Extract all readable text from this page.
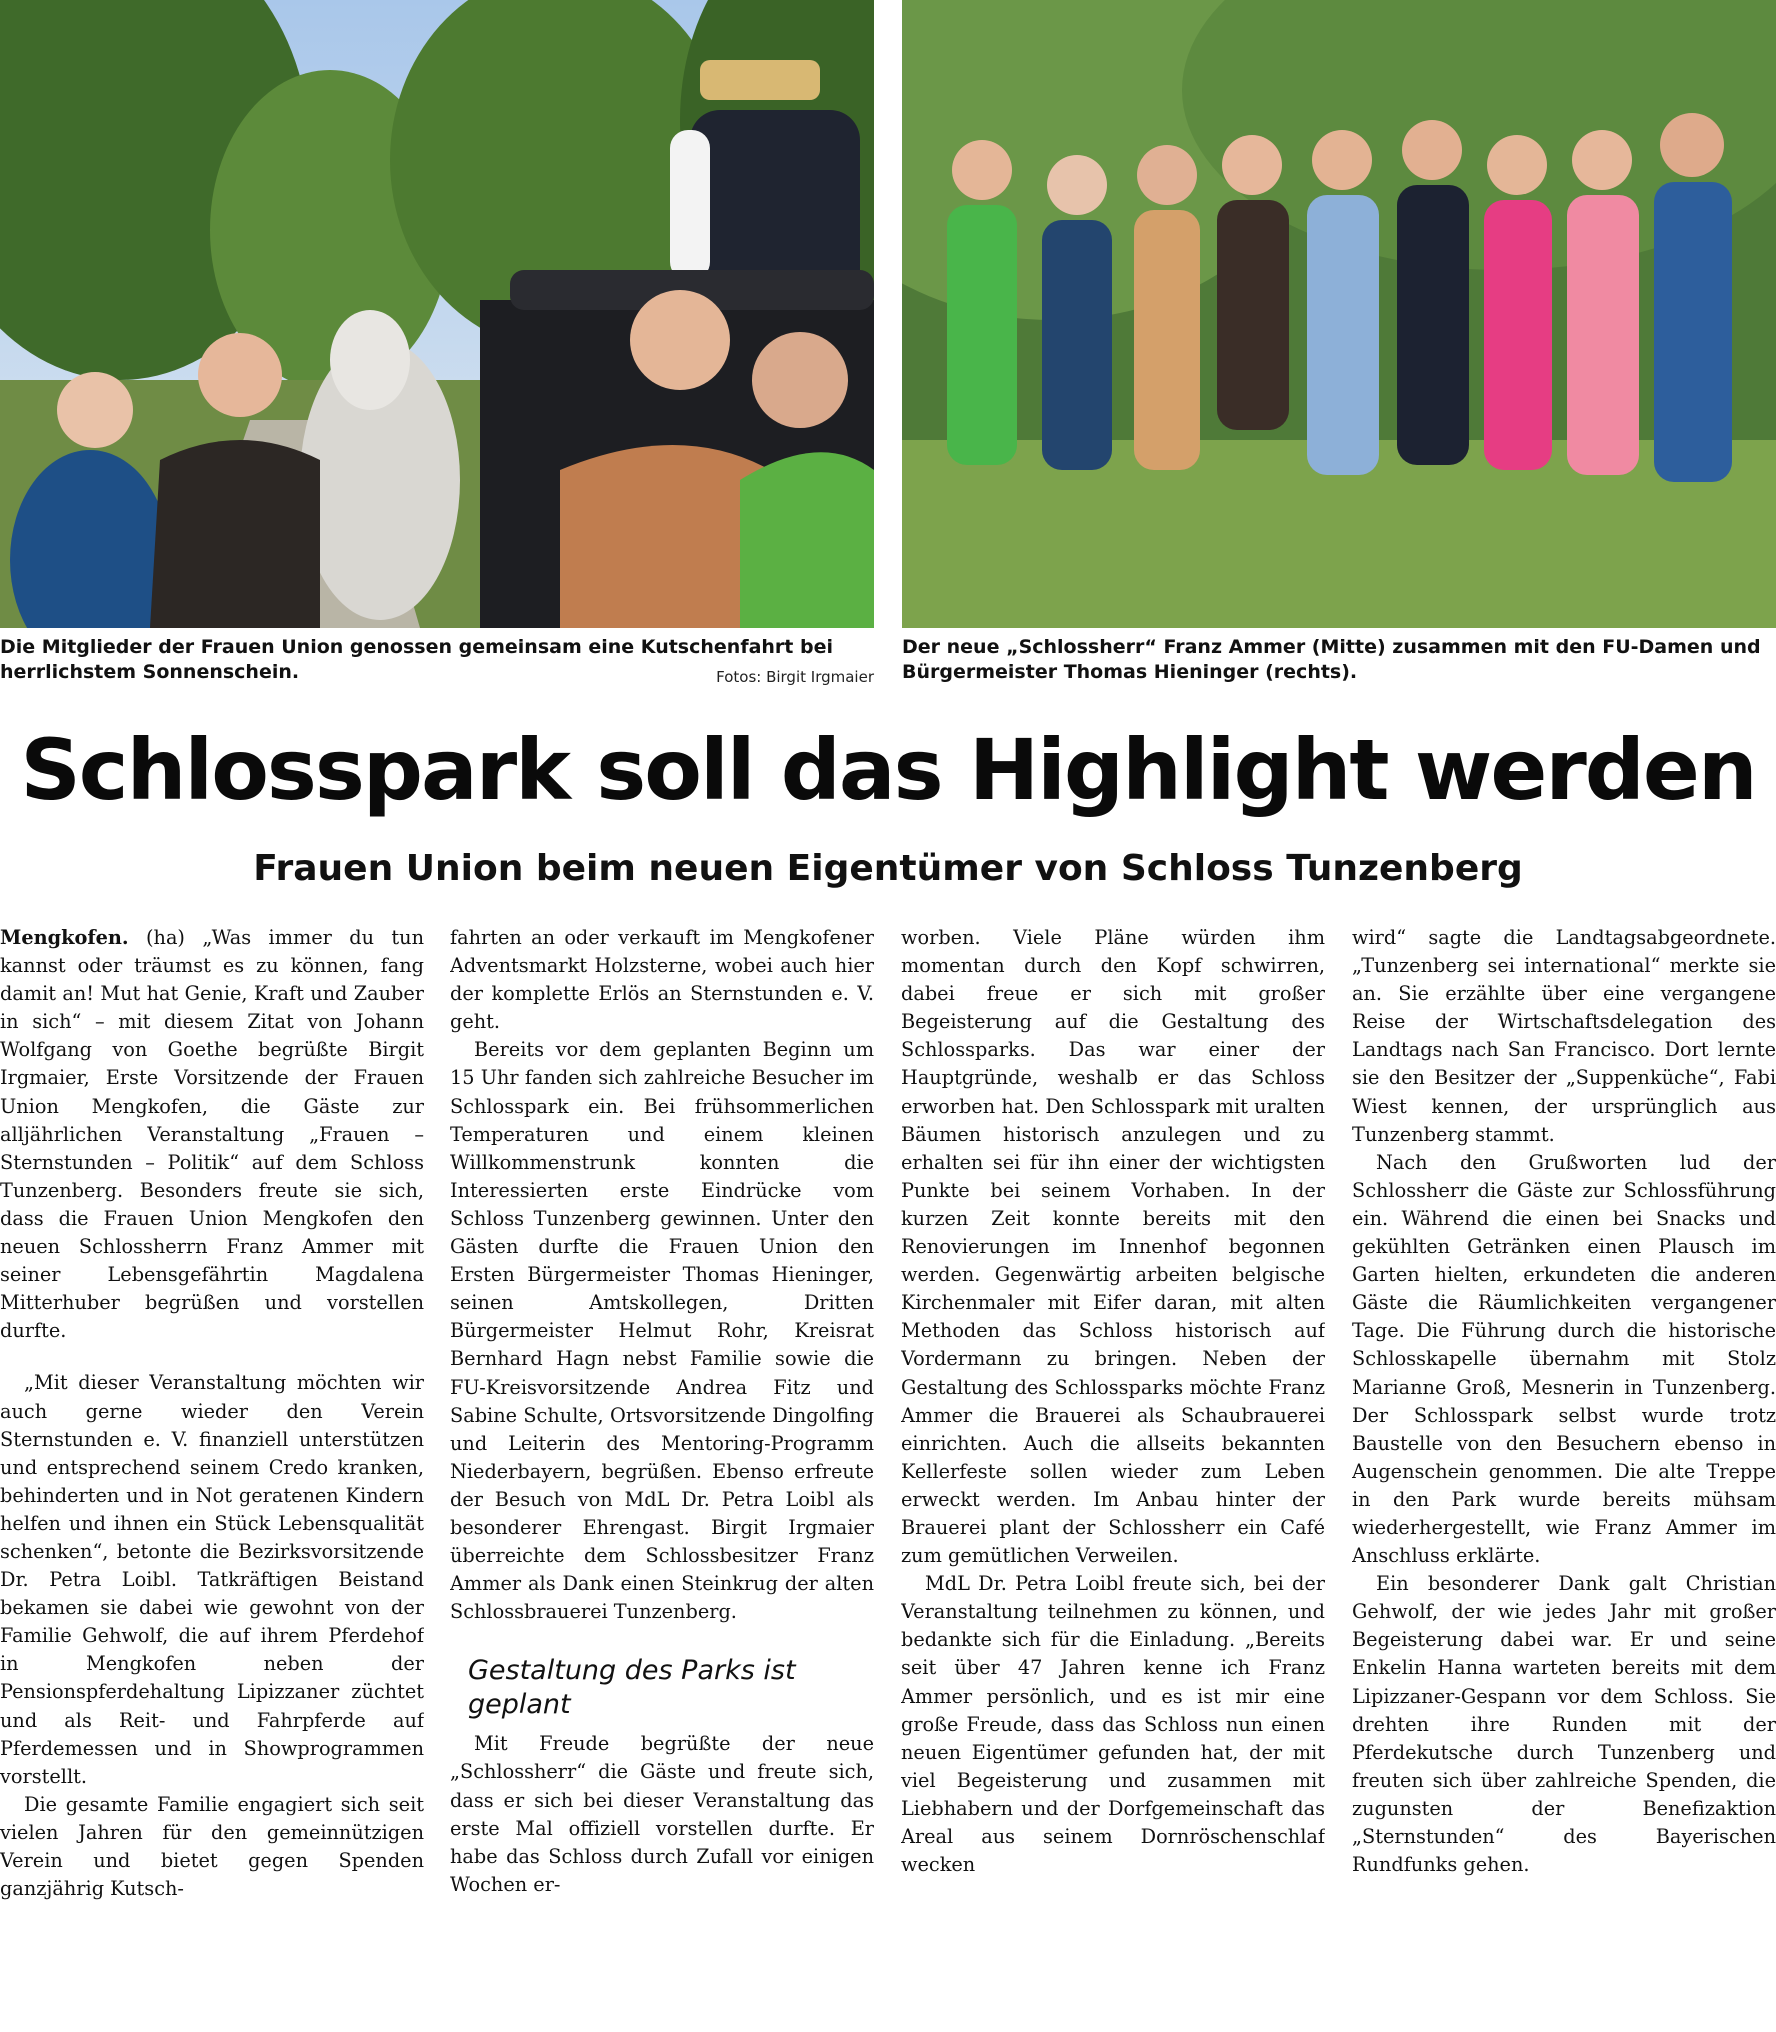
Die Mitglieder der Frauen Union genossen gemeinsam eine Kutschenfahrt bei herrlichstem Sonnenschein.	Fotos: Birgit Irgmaier
Der neue „Schlossherr“ Franz Ammer (Mitte) zusammen mit den FU-Damen und Bürgermeister Thomas Hieninger (rechts).
Schlosspark soll das Highlight werden
Frauen Union beim neuen Eigentümer von Schloss Tunzenberg

Mengkofen. (ha) „Was immer du tun kannst oder träumst es zu können, fang damit an! Mut hat Genie, Kraft und Zauber in sich“ – mit diesem Zitat von Johann Wolfgang von Goethe begrüßte Birgit Irgmaier, Erste Vorsitzende der Frauen Union Mengkofen, die Gäste zur alljährlichen Veranstaltung „Frauen – Sternstunden – Politik“ auf dem Schloss Tunzenberg. Besonders freute sie sich, dass die Frauen Union Mengkofen den neuen Schlossherrn Franz Ammer mit seiner Lebensgefährtin Magdalena Mitterhuber begrüßen und vorstellen durfte.

„Mit dieser Veranstaltung möchten wir auch gerne wieder den Verein Sternstunden e. V. finanziell unterstützen und entsprechend seinem Credo kranken, behinderten und in Not geratenen Kindern helfen und ihnen ein Stück Lebensqualität schenken“, betonte die Bezirksvorsitzende Dr. Petra Loibl. Tatkräftigen Beistand bekamen sie dabei wie gewohnt von der Familie Gehwolf, die auf ihrem Pferdehof in Mengkofen neben der Pensionspferdehaltung Lipizzaner züchtet und als Reit- und Fahrpferde auf Pferdemessen und in Showprogrammen vorstellt.

Die gesamte Familie engagiert sich seit vielen Jahren für den gemeinnützigen Verein und bietet gegen Spenden ganzjährig Kutsch-

fahrten an oder verkauft im Mengkofener Adventsmarkt Holzsterne, wobei auch hier der komplette Erlös an Sternstunden e. V. geht.

Bereits vor dem geplanten Beginn um 15 Uhr fanden sich zahlreiche Besucher im Schlosspark ein. Bei frühsommerlichen Temperaturen und einem kleinen Willkommenstrunk konnten die Interessierten erste Eindrücke vom Schloss Tunzenberg gewinnen. Unter den Gästen durfte die Frauen Union den Ersten Bürgermeister Thomas Hieninger, seinen Amtskollegen, Dritten Bürgermeister Helmut Rohr, Kreisrat Bernhard Hagn nebst Familie sowie die FU-Kreisvorsitzende Andrea Fitz und Sabine Schulte, Ortsvorsitzende Dingolfing und Leiterin des Mentoring-Programm Niederbayern, begrüßen. Ebenso erfreute der Besuch von MdL Dr. Petra Loibl als besonderer Ehrengast. Birgit Irgmaier überreichte dem Schlossbesitzer Franz Ammer als Dank einen Steinkrug der alten Schlossbrauerei Tunzenberg.

Gestaltung des Parks ist geplant

Mit Freude begrüßte der neue „Schlossherr“ die Gäste und freute sich, dass er sich bei dieser Veranstaltung das erste Mal offiziell vorstellen durfte. Er habe das Schloss durch Zufall vor einigen Wochen er-

worben. Viele Pläne würden ihm momentan durch den Kopf schwirren, dabei freue er sich mit großer Begeisterung auf die Gestaltung des Schlossparks. Das war einer der Hauptgründe, weshalb er das Schloss erworben hat. Den Schlosspark mit uralten Bäumen historisch anzulegen und zu erhalten sei für ihn einer der wichtigsten Punkte bei seinem Vorhaben. In der kurzen Zeit konnte bereits mit den Renovierungen im Innenhof begonnen werden. Gegenwärtig arbeiten belgische Kirchenmaler mit Eifer daran, mit alten Methoden das Schloss historisch auf Vordermann zu bringen. Neben der Gestaltung des Schlossparks möchte Franz Ammer die Brauerei als Schaubrauerei einrichten. Auch die allseits bekannten Kellerfeste sollen wieder zum Leben erweckt werden. Im Anbau hinter der Brauerei plant der Schlossherr ein Café zum gemütlichen Verweilen.

MdL Dr. Petra Loibl freute sich, bei der Veranstaltung teilnehmen zu können, und bedankte sich für die Einladung. „Bereits seit über 47 Jahren kenne ich Franz Ammer persönlich, und es ist mir eine große Freude, dass das Schloss nun einen neuen Eigentümer gefunden hat, der mit viel Begeisterung und zusammen mit Liebhabern und der Dorfgemeinschaft das Areal aus seinem Dornröschenschlaf wecken

wird“ sagte die Landtagsabgeordnete. „Tunzenberg sei international“ merkte sie an. Sie erzählte über eine vergangene Reise der Wirtschaftsdelegation des Landtags nach San Francisco. Dort lernte sie den Besitzer der „Suppenküche“, Fabi Wiest kennen, der ursprünglich aus Tunzenberg stammt.

Nach den Grußworten lud der Schlossherr die Gäste zur Schlossführung ein. Während die einen bei Snacks und gekühlten Getränken einen Plausch im Garten hielten, erkundeten die anderen Gäste die Räumlichkeiten vergangener Tage. Die Führung durch die historische Schlosskapelle übernahm mit Stolz Marianne Groß, Mesnerin in Tunzenberg. Der Schlosspark selbst wurde trotz Baustelle von den Besuchern ebenso in Augenschein genommen. Die alte Treppe in den Park wurde bereits mühsam wiederhergestellt, wie Franz Ammer im Anschluss erklärte.

Ein besonderer Dank galt Christian Gehwolf, der wie jedes Jahr mit großer Begeisterung dabei war. Er und seine Enkelin Hanna warteten bereits mit dem Lipizzaner-Gespann vor dem Schloss. Sie drehten ihre Runden mit der Pferdekutsche durch Tunzenberg und freuten sich über zahlreiche Spenden, die zugunsten der Benefizaktion „Sternstunden“ des Bayerischen Rundfunks gehen.
